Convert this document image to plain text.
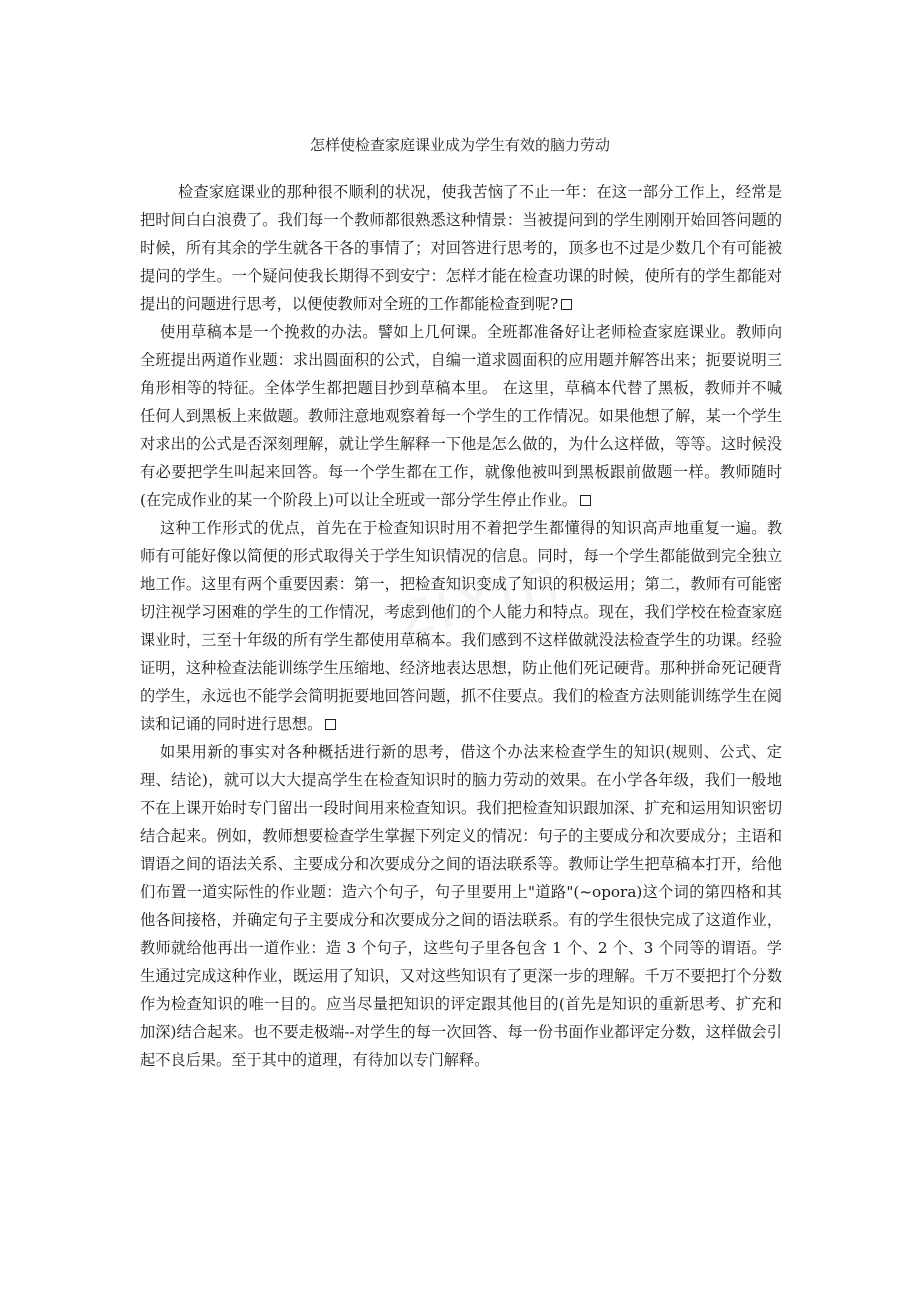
怎样使检查家庭课业成为学生有效的脑力劳动

检查家庭课业的那种很不顺利的状况，使我苦恼了不止一年：在这一部分工作上，经常是把时间白白浪费了。我们每一个教师都很熟悉这种情景：当被提问到的学生刚刚开始回答问题的时候，所有其余的学生就各干各的事情了；对回答进行思考的，顶多也不过是少数几个有可能被提问的学生。一个疑问使我长期得不到安宁：怎样才能在检查功课的时候，使所有的学生都能对提出的问题进行思考，以便使教师对全班的工作都能检查到呢?

使用草稿本是一个挽救的办法。譬如上几何课。全班都准备好让老师检查家庭课业。教师向全班提出两道作业题：求出圆面积的公式，自编一道求圆面积的应用题并解答出来；扼要说明三角形相等的特征。全体学生都把题目抄到草稿本里。 在这里，草稿本代替了黑板，教师并不喊任何人到黑板上来做题。教师注意地观察着每一个学生的工作情况。如果他想了解，某一个学生对求出的公式是否深刻理解，就让学生解释一下他是怎么做的，为什么这样做，等等。这时候没有必要把学生叫起来回答。每一个学生都在工作，就像他被叫到黑板跟前做题一样。教师随时(在完成作业的某一个阶段上)可以让全班或一部分学生停止作业。

这种工作形式的优点，首先在于检查知识时用不着把学生都懂得的知识高声地重复一遍。教师有可能好像以简便的形式取得关于学生知识情况的信息。同时，每一个学生都能做到完全独立地工作。这里有两个重要因素：第一，把检查知识变成了知识的积极运用；第二，教师有可能密切注视学习困难的学生的工作情况，考虑到他们的个人能力和特点。现在，我们学校在检查家庭课业时，三至十年级的所有学生都使用草稿本。我们感到不这样做就没法检查学生的功课。经验证明，这种检查法能训练学生压缩地、经济地表达思想，防止他们死记硬背。那种拼命死记硬背的学生，永远也不能学会简明扼要地回答问题，抓不住要点。我们的检查方法则能训练学生在阅读和记诵的同时进行思想。

如果用新的事实对各种概括进行新的思考，借这个办法来检查学生的知识(规则、公式、定理、结论)，就可以大大提高学生在检查知识时的脑力劳动的效果。在小学各年级，我们一般地不在上课开始时专门留出一段时间用来检查知识。我们把检查知识跟加深、扩充和运用知识密切结合起来。例如，教师想要检查学生掌握下列定义的情况：句子的主要成分和次要成分；主语和谓语之间的语法关系、主要成分和次要成分之间的语法联系等。教师让学生把草稿本打开，给他们布置一道实际性的作业题：造六个句子，句子里要用上"道路"(~opora)这个词的第四格和其他各间接格，并确定句子主要成分和次要成分之间的语法联系。有的学生很快完成了这道作业，教师就给他再出一道作业：造 3 个句子，这些句子里各包含 1 个、2 个、3 个同等的谓语。学生通过完成这种作业，既运用了知识，又对这些知识有了更深一步的理解。千万不要把打个分数作为检查知识的唯一目的。应当尽量把知识的评定跟其他目的(首先是知识的重新思考、扩充和加深)结合起来。也不要走极端--对学生的每一次回答、每一份书面作业都评定分数，这样做会引起不良后果。至于其中的道理，有待加以专门解释。
